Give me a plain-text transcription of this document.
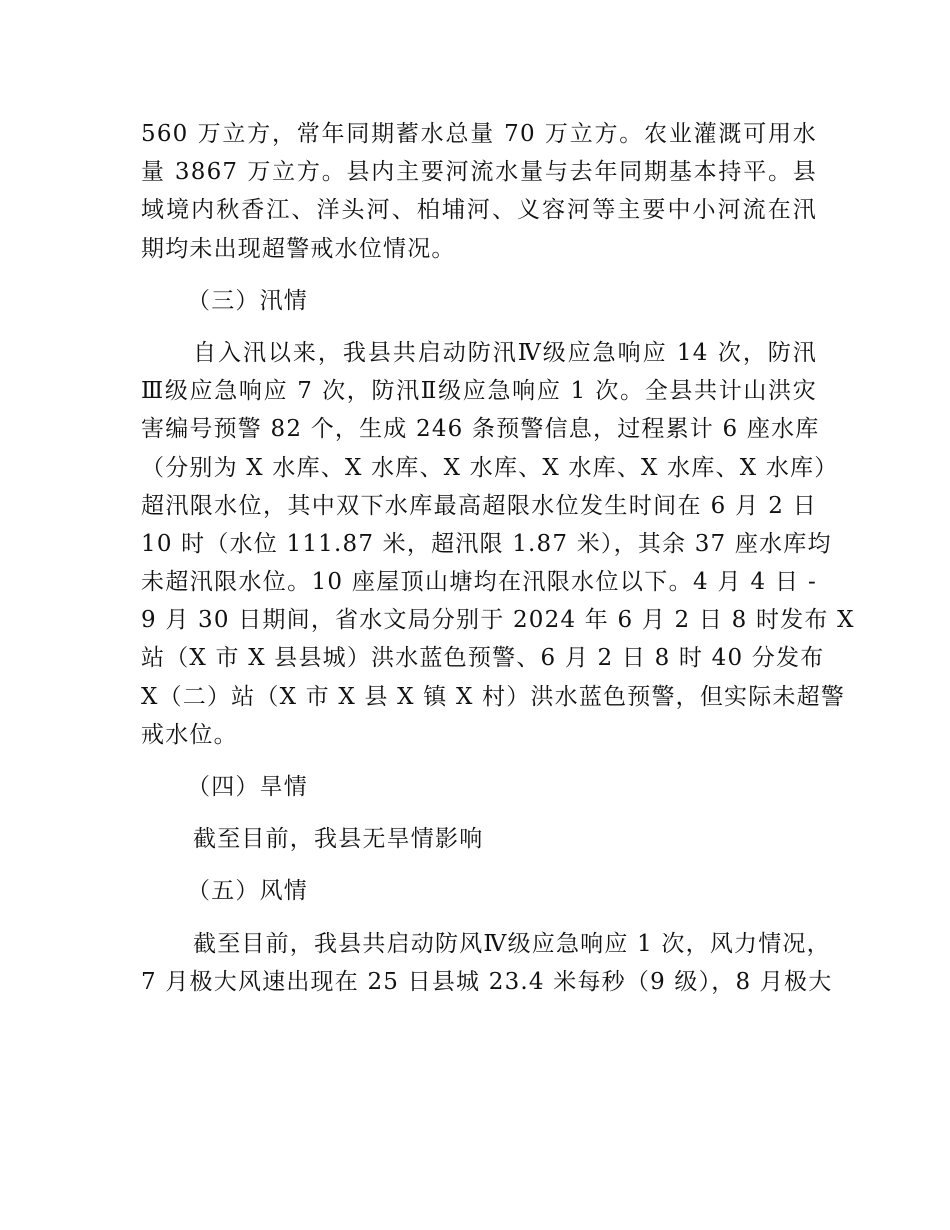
560 万立方，常年同期蓄水总量 70 万立方。农业灌溉可用水
量 3867 万立方。县内主要河流水量与去年同期基本持平。县
域境内秋香江、洋头河、柏埔河、义容河等主要中小河流在汛
期均未出现超警戒水位情况。

（三）汛情

自入汛以来，我县共启动防汛Ⅳ级应急响应 14 次，防汛
Ⅲ级应急响应 7 次，防汛Ⅱ级应急响应 1 次。全县共计山洪灾
害编号预警 82 个，生成 246 条预警信息，过程累计 6 座水库
（分别为 X 水库、X 水库、X 水库、X 水库、X 水库、X 水库）
超汛限水位，其中双下水库最高超限水位发生时间在 6 月 2 日
10 时（水位 111.87 米，超汛限 1.87 米），其余 37 座水库均
未超汛限水位。10 座屋顶山塘均在汛限水位以下。4 月 4 日 -
9 月 30 日期间，省水文局分别于 2024 年 6 月 2 日 8 时发布 X
站（X 市 X 县县城）洪水蓝色预警、6 月 2 日 8 时 40 分发布
X（二）站（X 市 X 县 X 镇 X 村）洪水蓝色预警，但实际未超警
戒水位。

（四）旱情

截至目前，我县无旱情影响

（五）风情

截至目前，我县共启动防风Ⅳ级应急响应 1 次，风力情况，
7 月极大风速出现在 25 日县城 23.4 米每秒（9 级），8 月极大
